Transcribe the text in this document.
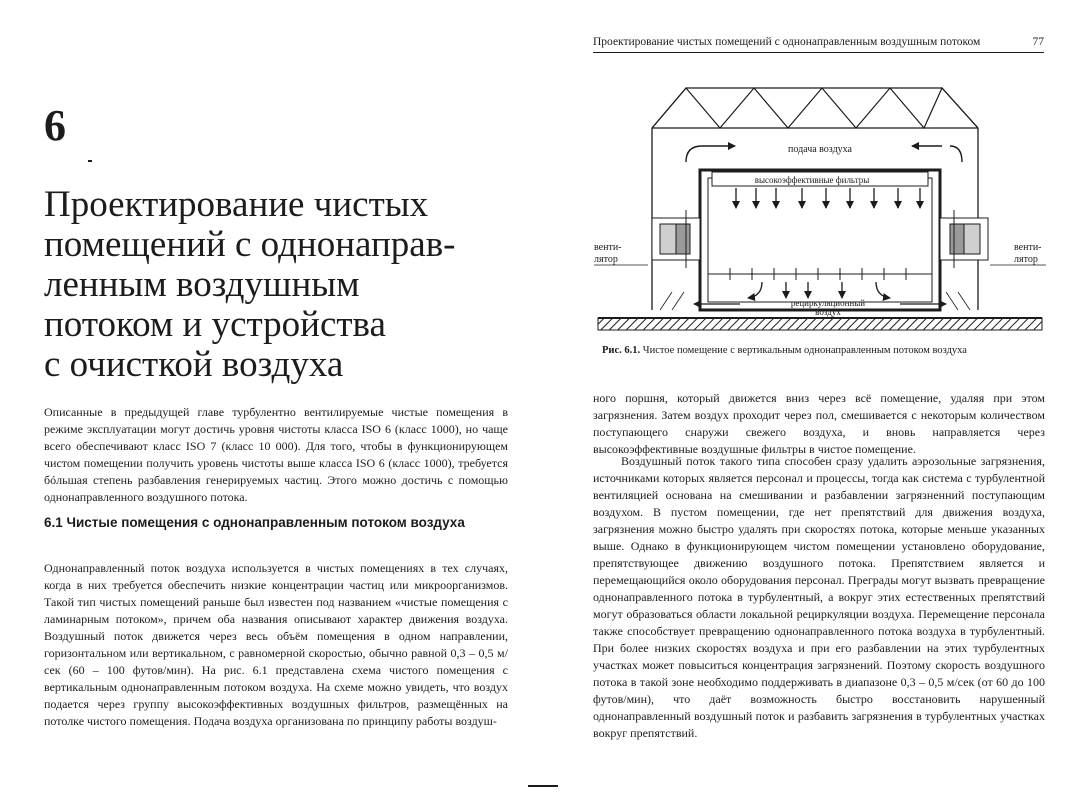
6
Проектирование чистых
помещений с однонаправ-
ленным воздушным
потоком и устройства
с очисткой воздуха

Описанные в предыдущей главе турбулентно вентилируемые чистые помещения в режиме эксплуатации могут достичь уровня чистоты класса ISO 6 (класс 1000), но чаще всего обеспечивают класс ISO 7 (класс 10 000). Для того, чтобы в функционирующем чистом помещении получить уровень чистоты выше класса ISO 6 (класс 1000), требуется бóльшая степень разбавления генерируемых частиц. Этого можно достичь с помощью однонаправленного воздушного потока.

6.1 Чистые помещения с однонаправленным потоком воздуха

Однонаправленный поток воздуха используется в чистых помещениях в тех случаях, когда в них требуется обеспечить низкие концентрации частиц или микроорганизмов. Такой тип чистых помещений раньше был известен под названием «чистые помещения с ламинарным потоком», причем оба названия описывают характер движения воздуха. Воздушный поток движется через весь объём помещения в одном направлении, горизонтальном или вертикальном, с равномерной скоростью, обычно равной 0,3 – 0,5 м/сек (60 – 100 футов/мин). На рис. 6.1 представлена схема чистого помещения с вертикальным однонаправленным потоком воздуха. На схеме можно увидеть, что воздух подается через группу высокоэффективных воздушных фильтров, размещённых на потолке чистого помещения. Подача воздуха организована по принципу работы воздуш-

Проектирование чистых помещений с однонаправленным воздушным потоком	77
высокоэффективные фильтры
подача воздуха
рециркуляционный
воздух
венти-
лятор
венти-
лятор
Рис. 6.1. Чистое помещение с вертикальным однонаправленным потоком воздуха

ного поршня, который движется вниз через всё помещение, удаляя при этом загрязнения. Затем воздух проходит через пол, смешивается с некоторым количеством поступающего снаружи свежего воздуха, и вновь направляется через высокоэффективные воздушные фильтры в чистое помещение.

Воздушный поток такого типа способен сразу удалить аэрозольные загрязнения, источниками которых является персонал и процессы, тогда как система с турбулентной вентиляцией основана на смешивании и разбавлении загрязненний поступающим воздухом. В пустом помещении, где нет препятствий для движения воздуха, загрязнения можно быстро удалять при скоростях потока, которые меньше указанных выше. Однако в функционирующем чистом помещении установлено оборудование, препятствующее движению воздушного потока. Препятствием является и перемещающийся около оборудования персонал. Преграды могут вызвать превращение однонаправленного потока в турбулентный, а вокруг этих естественных препятствий могут образоваться области локальной рециркуляции воздуха. Перемещение персонала также способствует превращению однонаправленного потока воздуха в турбулентный. При более низких скоростях воздуха и при его разбавлении на этих турбулентных участках может повыситься концентрация загрязнений. Поэтому скорость воздушного потока в такой зоне необходимо поддерживать в диапазоне 0,3 – 0,5 м/сек (от 60 до 100 футов/мин), что даёт возможность быстро восстановить нарушенный однонаправленный воздушный поток и разбавить загрязнения в турбулентных участках вокруг препятствий.
